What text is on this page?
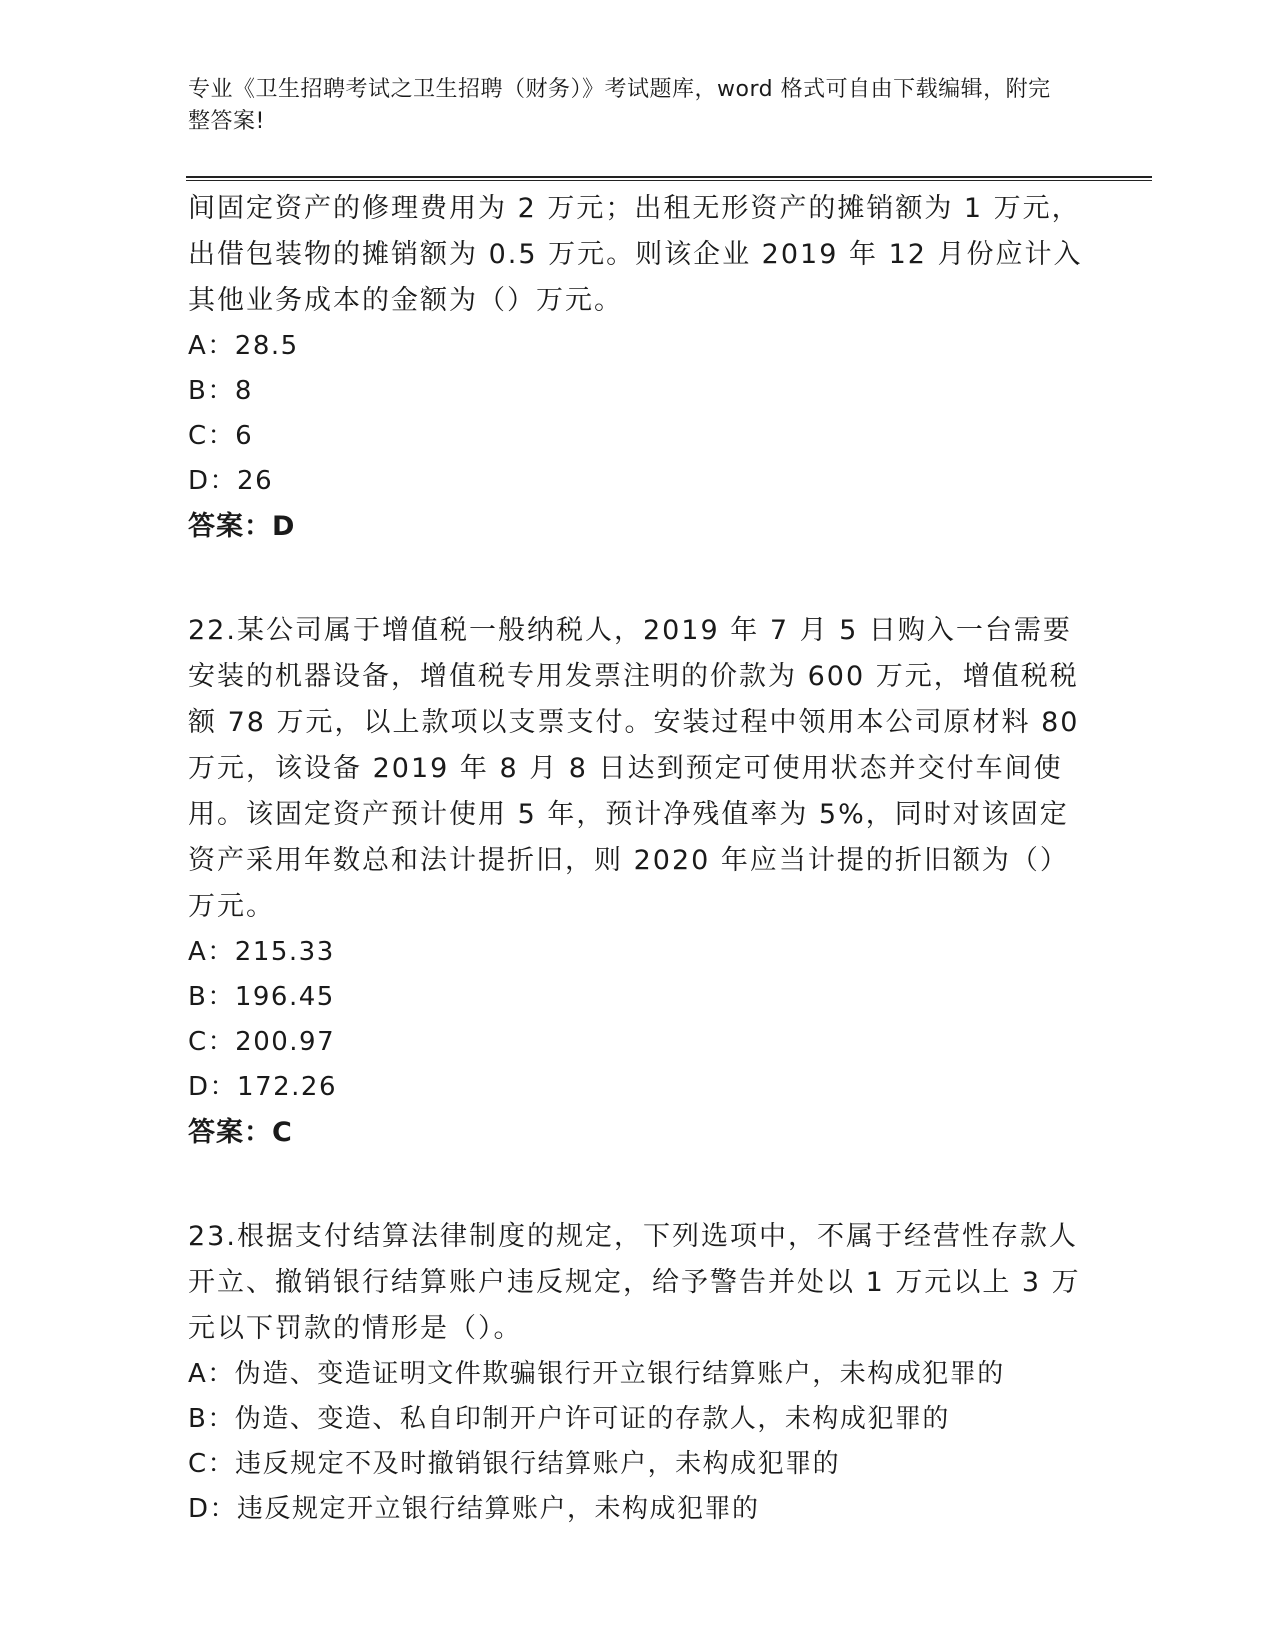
专业《卫生招聘考试之卫生招聘（财务）》考试题库，word 格式可自由下载编辑，附完整答案!

间固定资产的修理费用为 2 万元；出租无形资产的摊销额为 1 万元，出借包装物的摊销额为 0.5 万元。则该企业 2019 年 12 月份应计入其他业务成本的金额为（）万元。

A：28.5

B：8

C：6

D：26

答案：D

22.某公司属于增值税一般纳税人，2019 年 7 月 5 日购入一台需要安装的机器设备，增值税专用发票注明的价款为 600 万元，增值税税额 78 万元，以上款项以支票支付。安装过程中领用本公司原材料 80 万元，该设备 2019 年 8 月 8 日达到预定可使用状态并交付车间使用。该固定资产预计使用 5 年，预计净残值率为 5%，同时对该固定资产采用年数总和法计提折旧，则 2020 年应当计提的折旧额为（）万元。

A：215.33

B：196.45

C：200.97

D：172.26

答案：C

23.根据支付结算法律制度的规定，下列选项中，不属于经营性存款人开立、撤销银行结算账户违反规定，给予警告并处以 1 万元以上 3 万元以下罚款的情形是（）。

A：伪造、变造证明文件欺骗银行开立银行结算账户，未构成犯罪的

B：伪造、变造、私自印制开户许可证的存款人，未构成犯罪的

C：违反规定不及时撤销银行结算账户，未构成犯罪的

D：违反规定开立银行结算账户，未构成犯罪的
